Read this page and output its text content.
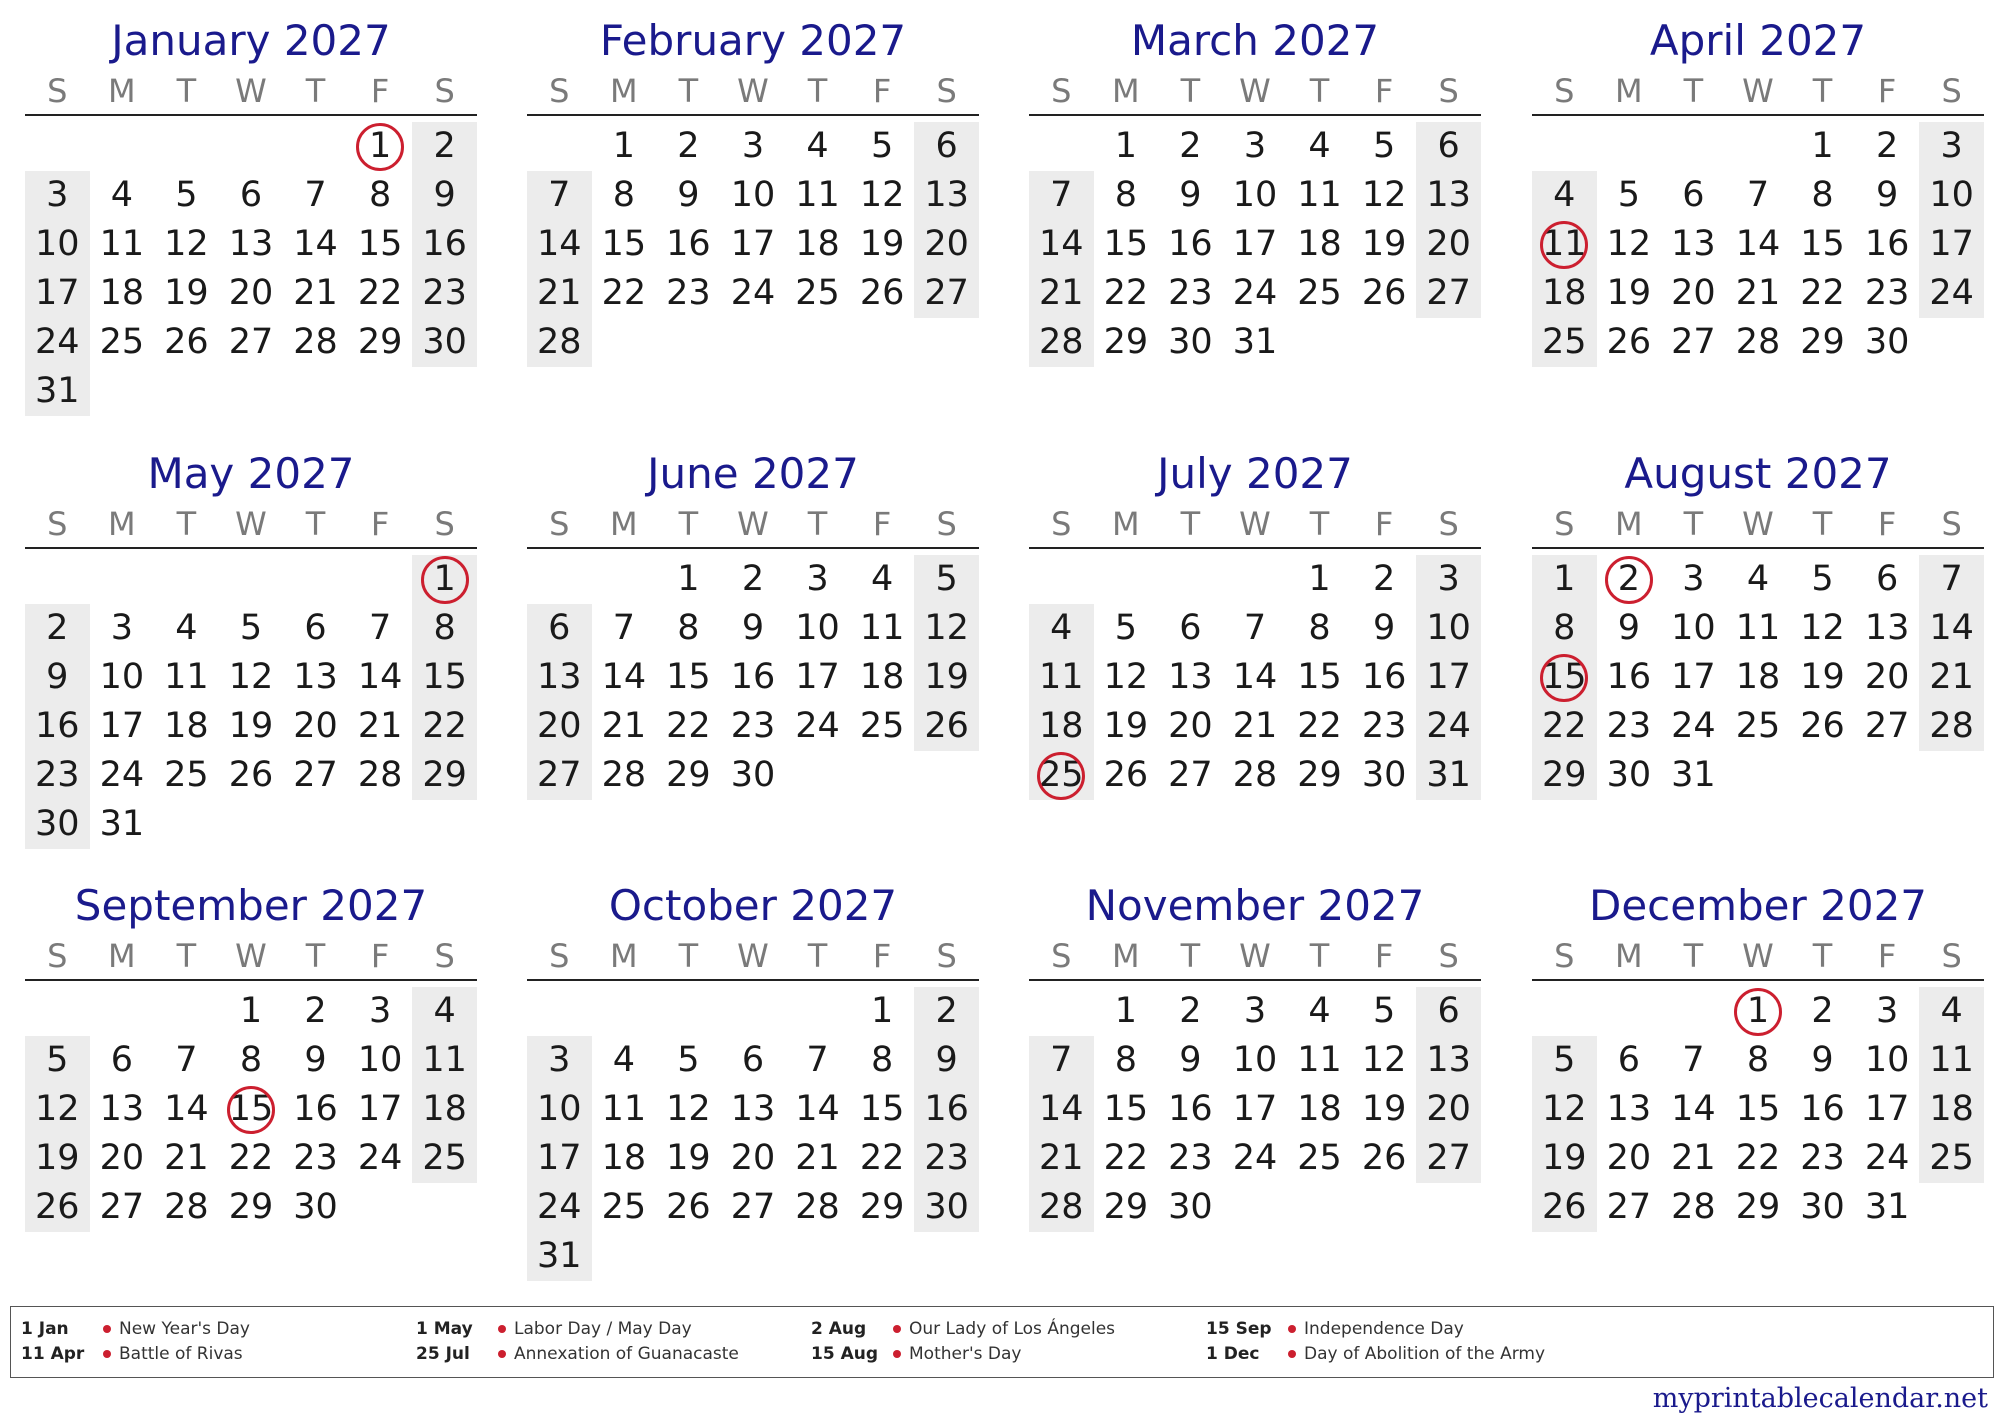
January 2027
S	M	T	W	T	F	S

					1	2
3	4	5	6	7	8	9
10	11	12	13	14	15	16
17	18	19	20	21	22	23
24	25	26	27	28	29	30
31						
February 2027
S	M	T	W	T	F	S

	1	2	3	4	5	6
7	8	9	10	11	12	13
14	15	16	17	18	19	20
21	22	23	24	25	26	27
28						
March 2027
S	M	T	W	T	F	S

	1	2	3	4	5	6
7	8	9	10	11	12	13
14	15	16	17	18	19	20
21	22	23	24	25	26	27
28	29	30	31			
April 2027
S	M	T	W	T	F	S

				1	2	3
4	5	6	7	8	9	10
11	12	13	14	15	16	17
18	19	20	21	22	23	24
25	26	27	28	29	30	
May 2027
S	M	T	W	T	F	S

						1

2	3	4	5	6	7	8
9	10	11	12	13	14	15
16	17	18	19	20	21	22
23	24	25	26	27	28	29
30	31					
June 2027
S	M	T	W	T	F	S

		1	2	3	4	5
6	7	8	9	10	11	12
13	14	15	16	17	18	19
20	21	22	23	24	25	26
27	28	29	30			
July 2027
S	M	T	W	T	F	S

				1	2	3
4	5	6	7	8	9	10
11	12	13	14	15	16	17
18	19	20	21	22	23	24
25	26	27	28	29	30	31
August 2027
S	M	T	W	T	F	S

1	2	3	4	5	6	7
8	9	10	11	12	13	14
15	16	17	18	19	20	21
22	23	24	25	26	27	28
29	30	31				
September 2027
S	M	T	W	T	F	S

			1	2	3	4
5	6	7	8	9	10	11
12	13	14	15	16	17	18
19	20	21	22	23	24	25
26	27	28	29	30		
October 2027
S	M	T	W	T	F	S

					1	2
3	4	5	6	7	8	9
10	11	12	13	14	15	16
17	18	19	20	21	22	23
24	25	26	27	28	29	30
31						
November 2027
S	M	T	W	T	F	S

	1	2	3	4	5	6
7	8	9	10	11	12	13
14	15	16	17	18	19	20
21	22	23	24	25	26	27
28	29	30				
December 2027
S	M	T	W	T	F	S

			1	2	3	4
5	6	7	8	9	10	11
12	13	14	15	16	17	18
19	20	21	22	23	24	25
26	27	28	29	30	31	
1 Jan	New Year's Day
11 Apr Battle of Rivas
1 May Labor Day / May Day
25 Jul	Annexation of Guanacaste
2 Aug	Our Lady of Los Ángeles
15 Aug Mother's Day
15 Sep Independence Day
1 Dec	Day of Abolition of the Army
myprintablecalendar.net
